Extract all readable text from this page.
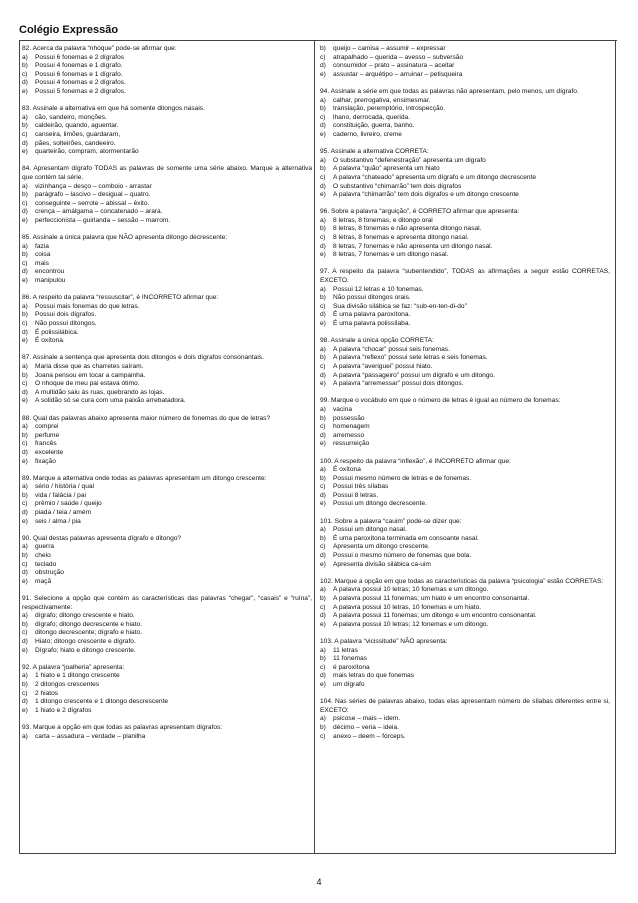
Colégio Expressão

82. Acerca da palavra “nhoque” pode-se afirmar que:

a)	Possui 6 fonemas e 2 dígrafos
b)	Possui 4 fonemas e 1 dígrafo.
c)	Possui 6 fonemas e 1 dígrafo.
d)	Possui 4 fonemas e 2 dígrafos.
e)	Possui 5 fonemas e 2 dígrafos.

83. Assinale a alternativa em que há somente ditongos nasais.

a)	cão, sandeiro, monções.
b)	caldeirão, quando, aguentar.
c)	canseira, limões, guardaram,
d)	pães, solteirões, candeeiro.
e)	quarteirão, compram, atormentarão

84. Apresentam dígrafo TODAS as palavras de somente uma série abaixo. Marque a alternativa que contém tal série.

a)	vizinhança – desço – comboio - arrastar
b)	parágrafo – lascivo – desigual – quatro.
c)	conseguinte – serrote – abissal – êxito.
d)	crença – amálgama – concatenado – arara.
e)	perfeccionista – guirlanda – sessão – marrom.

85. Assinale a única palavra que NÃO apresenta ditongo decrescente:

a)	fazia
b)	coisa
c)	mais
d)	encontrou
e)	manipulou

86. A respeito da palavra “ressuscitar”, é INCORRETO afirmar que:

a)	Possui mais fonemas do que letras.
b)	Possui dois dígrafos.
c)	Não possui ditongos.
d)	É polissilábica.
e)	É oxítona.

87. Assinale a sentença que apresenta dois ditongos e dois dígrafos consonantais.

a)	Maria disse que as charretes saíram.
b)	Joana pensou em tocar a campainha.
c)	O nhoque de meu pai estava ótimo.
d)	A multidão saiu às ruas, quebrando as lojas.
e)	A solidão só se cura com uma paixão arrebatadora.

88. Qual das palavras abaixo apresenta maior número de fonemas do que de letras?

a)	comprei
b)	perfume
c)	francês
d)	excelente
e)	fixação

89. Marque a alternativa onde todas as palavras apresentam um ditongo crescente:

a)	sério / história / qual
b)	vida / falácia / pai
c)	prêmio / saúde / queijo
d)	piada / teia / amém
e)	seis / alma / pia

90. Qual destas palavras apresenta dígrafo e ditongo?

a)	guerra
b)	cheio
c)	teclado
d)	obstrução
e)	maçã

91. Selecione a opção que contém as características das palavras “chegar”, “casais” e “ruína”, respectivamente:

a)	dígrafo; ditongo crescente e hiato.
b)	dígrafo; ditongo decrescente e hiato.
c)	ditongo decrescente; dígrafo e hiato.
d)	Hiato; ditongo crescente e dígrafo.
e)	Dígrafo; hiato e ditongo crescente.

92. A palavra “joalheria” apresenta:

a)	1 hiato e 1 ditongo crescente
b)	2 ditongos crescentes
c)	2 hiatos
d)	1 ditongo crescente e 1 ditongo descrescente
e)	1 hiato e 2 dígrafos

93. Marque a opção em que todas as palavras apresentam dígrafos:

a)	carta – assadura – verdade – planilha
b)	queijo – camisa – assumir – expressar
c)	atrapalhado – querida – avesso – subversão
d)	consumidor – prato – assinatura – aceitar
e)	assustar – arquétipo – arruinar – petisqueira

94. Assinale a série em que todas as palavras não apresentam, pelo menos, um dígrafo.

a)	calhar, prerrogativa, ensimesmar.
b)	translação, peremptório, introspecção.
c)	lhano, derrocada, querida.
d)	constituição, guerra, banho.
e)	caderno, livreiro, creme

95. Assinale a alternativa CORRETA:

a)	O substantivo “defenestração” apresenta um dígrafo
b)	A palavra “quão” apresenta um hiato
c)	A palavra “chateado” apresenta um dígrafo e um ditongo decrescente
d)	O substantivo “chimarrão” tem dois dígrafos
e)	A palavra “chimarrão” tem dois dígrafos e um ditongo crescente

96. Sobre a palavra “arguição”, é CORRETO afirmar que apresenta:

a)	8 letras, 8 fonemas, e ditongo oral
b)	8 letras, 8 fonemas e não apresenta ditongo nasal.
c)	8 letras, 8 fonemas e apresenta ditongo nasal.
d)	8 letras, 7 fonemas e não apresenta um ditongo nasal.
e)	8 letras, 7 fonemas e um ditongo nasal.

97. A respeito da palavra “subentendido”, TODAS as afirmações a seguir estão CORRETAS, EXCETO.

a)	Possui 12 letras e 10 fonemas.
b)	Não possui ditongos orais.
c)	Sua divisão silábica se faz: “sub-en-ten-di-do”
d)	É uma palavra paroxítona.
e)	É uma palavra polissílaba.

98. Assinale a única opção CORRETA:

a)	A palavra “chocar” possui seis fonemas.
b)	A palavra “reflexo” possui sete letras e seis fonemas.
c)	A palavra “averiguei” possui hiato.
d)	A palavra “passageiro” possui um dígrafo e um ditongo.
e)	A palavra “arremessar” possui dois ditongos.

99. Marque o vocábulo em que o número de letras é igual ao número de fonemas:

a)	vacina
b)	possessão
c)	homenagem
d)	arremesso
e)	ressurreição

100. A respeito da palavra “inflexão”, é INCORRETO afirmar que:

a)	É oxítona
b)	Possui mesmo número de letras e de fonemas.
c)	Possui três sílabas
d)	Possui 8 letras.
e)	Possui um ditongo decrescente.

101. Sobre a palavra “cauim” pode-se dizer que:

a)	Possui um ditongo nasal.
b)	É uma paroxítona terminada em consoante nasal.
c)	Apresenta um ditongo crescente.
d)	Possui o mesmo número de fonemas que bola.
e)	Apresenta divisão silábica ca-uim

102. Marque a opção em que todas as características da palavra “psicologia” estão CORRETAS:

a)	A palavra possui 10 letras; 10 fonemas e um ditongo.
b)	A palavra possui 11 fonemas; um hiato e um encontro consonantal.
c)	A palavra possui 10 letras, 10 fonemas e um hiato.
d)	A palavra possui 11 fonemas; um ditongo e um encontro consonantal.
e)	A palavra possui 10 letras; 12 fonemas e um ditongo.

103. A palavra “vicissitude” NÃO apresenta:

a)	11 letras
b)	11 fonemas
c)	é paroxítona
d)	mais letras do que fonemas
e)	um dígrafo

104. Nas séries de palavras abaixo, todas elas apresentam número de sílabas diferentes entre si, EXCETO:

a)	psicose – mais – idem.
b)	décimo – veria – ideia.
c)	anexo – deem – fórceps.
4
